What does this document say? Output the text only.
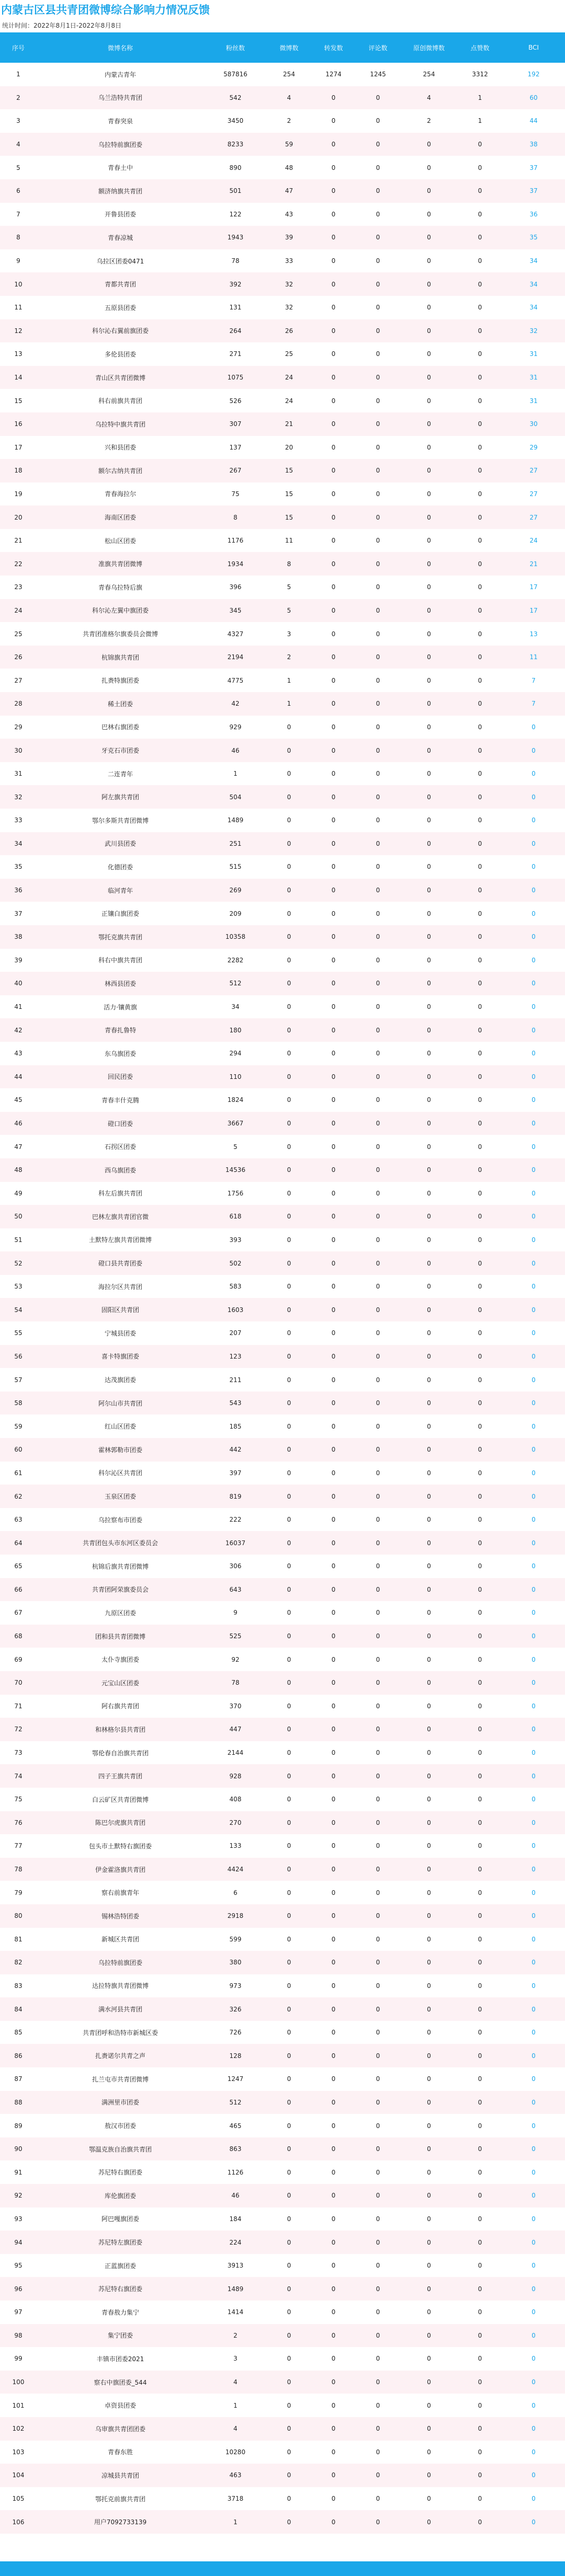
内蒙古区县共青团微博综合影响力情况反馈
统计时间：2022年8月1日-2022年8月8日
序号	微博名称	粉丝数	微博数	转发数	评论数	原创微博数	点赞数	BCI
1	内蒙古青年	587816	254	1274	1245	254	3312	192
2	乌兰浩特共青团	542	4	0	0	4	1	60
3	青春突泉	3450	2	0	0	2	1	44
4	乌拉特前旗团委	8233	59	0	0	0	0	38
5	青春土中	890	48	0	0	0	0	37
6	额济纳旗共青团	501	47	0	0	0	0	37
7	开鲁县团委	122	43	0	0	0	0	36
8	青春凉城	1943	39	0	0	0	0	35
9	乌拉区团委0471	78	33	0	0	0	0	34
10	青都共青团	392	32	0	0	0	0	34
11	五原县团委	131	32	0	0	0	0	34
12	科尔沁右翼前旗团委	264	26	0	0	0	0	32
13	多伦县团委	271	25	0	0	0	0	31
14	青山区共青团微博	1075	24	0	0	0	0	31
15	科右前旗共青团	526	24	0	0	0	0	31
16	乌拉特中旗共青团	307	21	0	0	0	0	30
17	兴和县团委	137	20	0	0	0	0	29
18	额尔古纳共青团	267	15	0	0	0	0	27
19	青春海拉尔	75	15	0	0	0	0	27
20	海南区团委	8	15	0	0	0	0	27
21	松山区团委	1176	11	0	0	0	0	24
22	准旗共青团微博	1934	8	0	0	0	0	21
23	青春乌拉特后旗	396	5	0	0	0	0	17
24	科尔沁左翼中旗团委	345	5	0	0	0	0	17
25	共青团准格尔旗委员会微博	4327	3	0	0	0	0	13
26	杭锦旗共青团	2194	2	0	0	0	0	11
27	扎赉特旗团委	4775	1	0	0	0	0	7
28	稀土团委	42	1	0	0	0	0	7
29	巴林右旗团委	929	0	0	0	0	0	0
30	牙克石市团委	46	0	0	0	0	0	0
31	二连青年	1	0	0	0	0	0	0
32	阿左旗共青团	504	0	0	0	0	0	0
33	鄂尔多斯共青团微博	1489	0	0	0	0	0	0
34	武川县团委	251	0	0	0	0	0	0
35	化德团委	515	0	0	0	0	0	0
36	临河青年	269	0	0	0	0	0	0
37	正镶白旗团委	209	0	0	0	0	0	0
38	鄂托克旗共青团	10358	0	0	0	0	0	0
39	科右中旗共青团	2282	0	0	0	0	0	0
40	林西县团委	512	0	0	0	0	0	0
41	活力·镶黄旗	34	0	0	0	0	0	0
42	青春扎鲁特	180	0	0	0	0	0	0
43	东乌旗团委	294	0	0	0	0	0	0
44	回民团委	110	0	0	0	0	0	0
45	青春丰什克腾	1824	0	0	0	0	0	0
46	磴口团委	3667	0	0	0	0	0	0
47	石拐区团委	5	0	0	0	0	0	0
48	西乌旗团委	14536	0	0	0	0	0	0
49	科左后旗共青团	1756	0	0	0	0	0	0
50	巴林左旗共青团官微	618	0	0	0	0	0	0
51	土默特左旗共青团微博	393	0	0	0	0	0	0
52	磴口县共青团委	502	0	0	0	0	0	0
53	海拉尔区共青团	583	0	0	0	0	0	0
54	固阳区共青团	1603	0	0	0	0	0	0
55	宁城县团委	207	0	0	0	0	0	0
56	喜卡特旗团委	123	0	0	0	0	0	0
57	达茂旗团委	211	0	0	0	0	0	0
58	阿尔山市共青团	543	0	0	0	0	0	0
59	红山区团委	185	0	0	0	0	0	0
60	霍林郭勒市团委	442	0	0	0	0	0	0
61	科尔沁区共青团	397	0	0	0	0	0	0
62	玉泉区团委	819	0	0	0	0	0	0
63	乌拉察布市团委	222	0	0	0	0	0	0
64	共青团包头市东河区委员会	16037	0	0	0	0	0	0
65	杭锦后旗共青团微博	306	0	0	0	0	0	0
66	共青团阿荣旗委员会	643	0	0	0	0	0	0
67	九原区团委	9	0	0	0	0	0	0
68	团和县共青团微博	525	0	0	0	0	0	0
69	太仆寺旗团委	92	0	0	0	0	0	0
70	元宝山区团委	78	0	0	0	0	0	0
71	阿右旗共青团	370	0	0	0	0	0	0
72	和林格尔县共青团	447	0	0	0	0	0	0
73	鄂伦春自治旗共青团	2144	0	0	0	0	0	0
74	四子王旗共青团	928	0	0	0	0	0	0
75	白云矿区共青团微博	408	0	0	0	0	0	0
76	陈巴尔虎旗共青团	270	0	0	0	0	0	0
77	包头市土默特右旗团委	133	0	0	0	0	0	0
78	伊金霍洛旗共青团	4424	0	0	0	0	0	0
79	察右前旗青年	6	0	0	0	0	0	0
80	锡林浩特团委	2918	0	0	0	0	0	0
81	新城区共青团	599	0	0	0	0	0	0
82	乌拉特前旗团委	380	0	0	0	0	0	0
83	达拉特旗共青团微博	973	0	0	0	0	0	0
84	满水河县共青团	326	0	0	0	0	0	0
85	共青团呼和浩特市新城区委	726	0	0	0	0	0	0
86	扎赉诺尔共青之声	128	0	0	0	0	0	0
87	扎兰屯市共青团微博	1247	0	0	0	0	0	0
88	满洲里市团委	512	0	0	0	0	0	0
89	敖汉市团委	465	0	0	0	0	0	0
90	鄂温克族自治旗共青团	863	0	0	0	0	0	0
91	苏尼特右旗团委	1126	0	0	0	0	0	0
92	库伦旗团委	46	0	0	0	0	0	0
93	阿巴嘎旗团委	184	0	0	0	0	0	0
94	苏尼特左旗团委	224	0	0	0	0	0	0
95	正蓝旗团委	3913	0	0	0	0	0	0
96	苏尼特右旗团委	1489	0	0	0	0	0	0
97	青春敖力集宁	1414	0	0	0	0	0	0
98	集宁团委	2	0	0	0	0	0	0
99	丰镇市团委2021	3	0	0	0	0	0	0
100	察右中旗团委_544	4	0	0	0	0	0	0
101	卓资县团委	1	0	0	0	0	0	0
102	乌审旗共青团团委	4	0	0	0	0	0	0
103	青春东胜	10280	0	0	0	0	0	0
104	凉城县共青团	463	0	0	0	0	0	0
105	鄂托克前旗共青团	3718	0	0	0	0	0	0
106	用户7092733139	1	0	0	0	0	0	0
